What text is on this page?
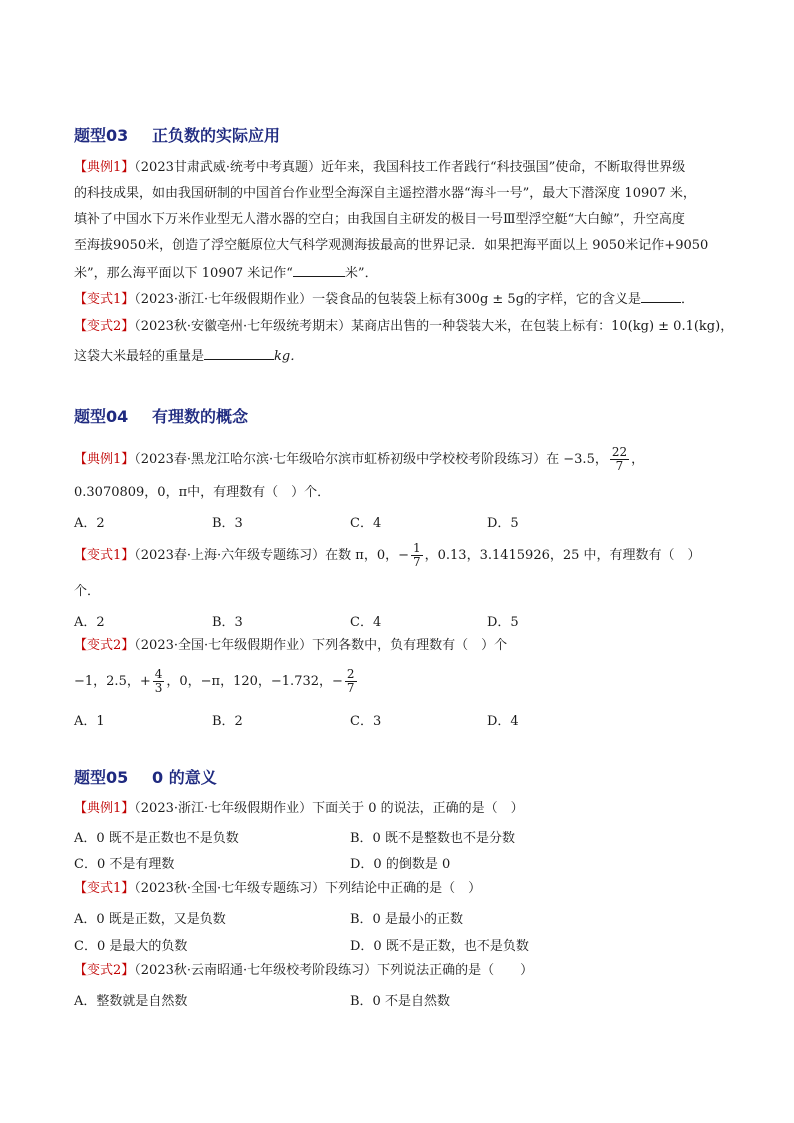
题型03 正负数的实际应用
【典例1】（2023甘肃武威·统考中考真题）近年来，我国科技工作者践行“科技强国”使命，不断取得世界级
的科技成果，如由我国研制的中国首台作业型全海深自主遥控潜水器“海斗一号”，最大下潜深度 10907 米，
填补了中国水下万米作业型无人潜水器的空白；由我国自主研发的极目一号Ⅲ型浮空艇“大白鲸”，升空高度
至海拔9050米，创造了浮空艇原位大气科学观测海拔最高的世界记录．如果把海平面以上 9050米记作+9050
米”，那么海平面以下 10907 米记作“	米”．
【变式1】（2023·浙江·七年级假期作业）一袋食品的包装袋上标有300g ± 5g的字样，它的含义是	．
【变式2】（2023秋·安徽亳州·七年级统考期末）某商店出售的一种袋装大米，在包装上标有：10(kg) ± 0.1(kg)，
这袋大米最轻的重量是	kg．
题型04 有理数的概念
【典例1】（2023春·黑龙江哈尔滨·七年级哈尔滨市虹桥初级中学校校考阶段练习）在 −3.5， $\frac{22}{7}$ ，
0.3070809，0，π中，有理数有（　）个．
A．2	B．3	C．4	D．5
【变式1】（2023春·上海·六年级专题练习）在数 π，0，− $\frac{1}{7}$ ，0.13，3.1415926，25 中，有理数有（　）
个．
A．2	B．3	C．4	D．5
【变式2】（2023·全国·七年级假期作业）下列各数中，负有理数有（　）个
−1，2.5，+ $\frac{4}{3}$ ，0，−π，120，−1.732，− $\frac{2}{7}$
A．1	B．2	C．3	D．4
题型05 0 的意义
【典例1】（2023·浙江·七年级假期作业）下面关于 0 的说法，正确的是（　）
A．0 既不是正数也不是负数	B．0 既不是整数也不是分数
C．0 不是有理数	D．0 的倒数是 0
【变式1】（2023秋·全国·七年级专题练习）下列结论中正确的是（　）
A．0 既是正数，又是负数	B．0 是最小的正数
C．0 是最大的负数	D．0 既不是正数，也不是负数
【变式2】（2023秋·云南昭通·七年级校考阶段练习）下列说法正确的是（　　）
A．整数就是自然数	B．0 不是自然数
